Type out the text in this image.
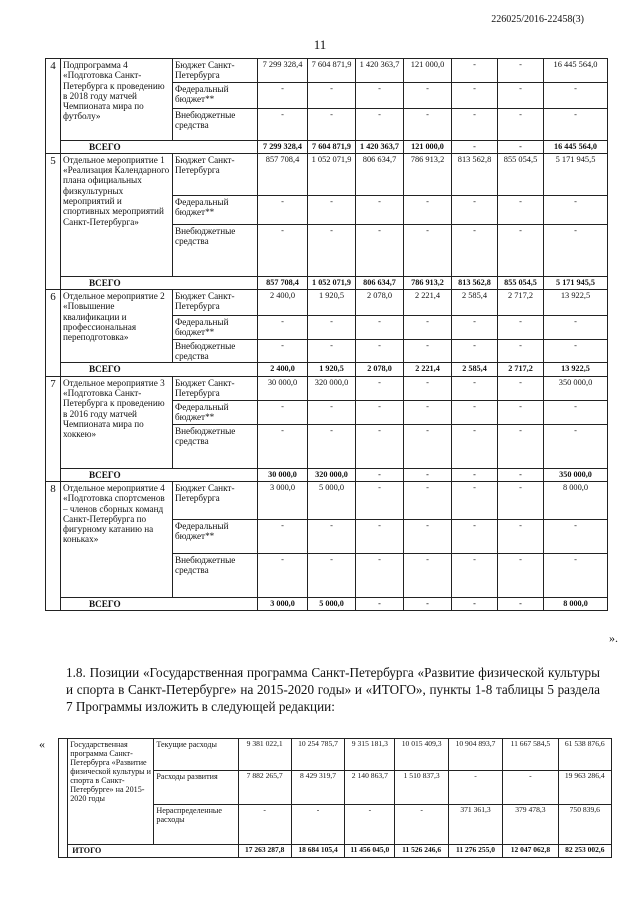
226025/2016-22458(3)
11
4	Подпрограмма 4 «Подготовка Санкт-Петербурга к проведению в 2018 году матчей Чемпионата мира по футболу»	Бюджет Санкт-Петербурга	7 299 328,4	7 604 871,9	1 420 363,7	121 000,0	-	-	16 445 564,0
		Федеральный бюджет**	-	-	-	-	-	-	-
		Внебюджетные средства	-	-	-	-	-	-	-
	ВСЕГО		7 299 328,4	7 604 871,9	1 420 363,7	121 000,0	-	-	16 445 564,0
5	Отдельное мероприятие 1 «Реализация Календарного плана официальных физкультурных мероприятий и спортивных мероприятий Санкт-Петербурга»	Бюджет Санкт-Петербурга	857 708,4	1 052 071,9	806 634,7	786 913,2	813 562,8	855 054,5	5 171 945,5
		Федеральный бюджет**	-	-	-	-	-	-	-
		Внебюджетные средства	-	-	-	-	-	-	-
	ВСЕГО		857 708,4	1 052 071,9	806 634,7	786 913,2	813 562,8	855 054,5	5 171 945,5
6	Отдельное мероприятие 2 «Повышение квалификации и профессиональная переподготовка»	Бюджет Санкт-Петербурга	2 400,0	1 920,5	2 078,0	2 221,4	2 585,4	2 717,2	13 922,5
		Федеральный бюджет**	-	-	-	-	-	-	-
		Внебюджетные средства	-	-	-	-	-	-	-
	ВСЕГО		2 400,0	1 920,5	2 078,0	2 221,4	2 585,4	2 717,2	13 922,5
7	Отдельное мероприятие 3 «Подготовка Санкт-Петербурга к проведению в 2016 году матчей Чемпионата мира по хоккею»	Бюджет Санкт-Петербурга	30 000,0	320 000,0	-	-	-	-	350 000,0
		Федеральный бюджет**	-	-	-	-	-	-	-
		Внебюджетные средства	-	-	-	-	-	-	-
	ВСЕГО		30 000,0	320 000,0	-	-	-	-	350 000,0
8	Отдельное мероприятие 4 «Подготовка спортсменов – членов сборных команд Санкт-Петербурга по фигурному катанию на коньках»	Бюджет Санкт-Петербурга	3 000,0	5 000,0	-	-	-	-	8 000,0
		Федеральный бюджет**	-	-	-	-	-	-	-
		Внебюджетные средства	-	-	-	-	-	-	-
	ВСЕГО		3 000,0	5 000,0	-	-	-	-	8 000,0
».
1.8. Позиции «Государственная программа Санкт-Петербурга «Развитие физической культуры и спорта в Санкт-Петербурге» на 2015-2020 годы» и «ИТОГО», пункты 1-8 таблицы 5 раздела 7 Программы изложить в следующей редакции:
«
		Государственная программа Санкт-Петербурга «Развитие физической культуры и спорта в Санкт-Петербурге» на 2015-2020 годы	Текущие расходы	9 381 022,1	10 254 785,7	9 315 181,3	10 015 409,3	10 904 893,7	11 667 584,5	61 538 876,6
		Расходы развития	7 882 265,7	8 429 319,7	2 140 863,7	1 510 837,3	-	-	19 963 286,4
		Нераспределенные расходы	-	-	-	-	371 361,3	379 478,3	750 839,6
	ИТОГО		17 263 287,8	18 684 105,4	11 456 045,0	11 526 246,6	11 276 255,0	12 047 062,8	82 253 002,6
